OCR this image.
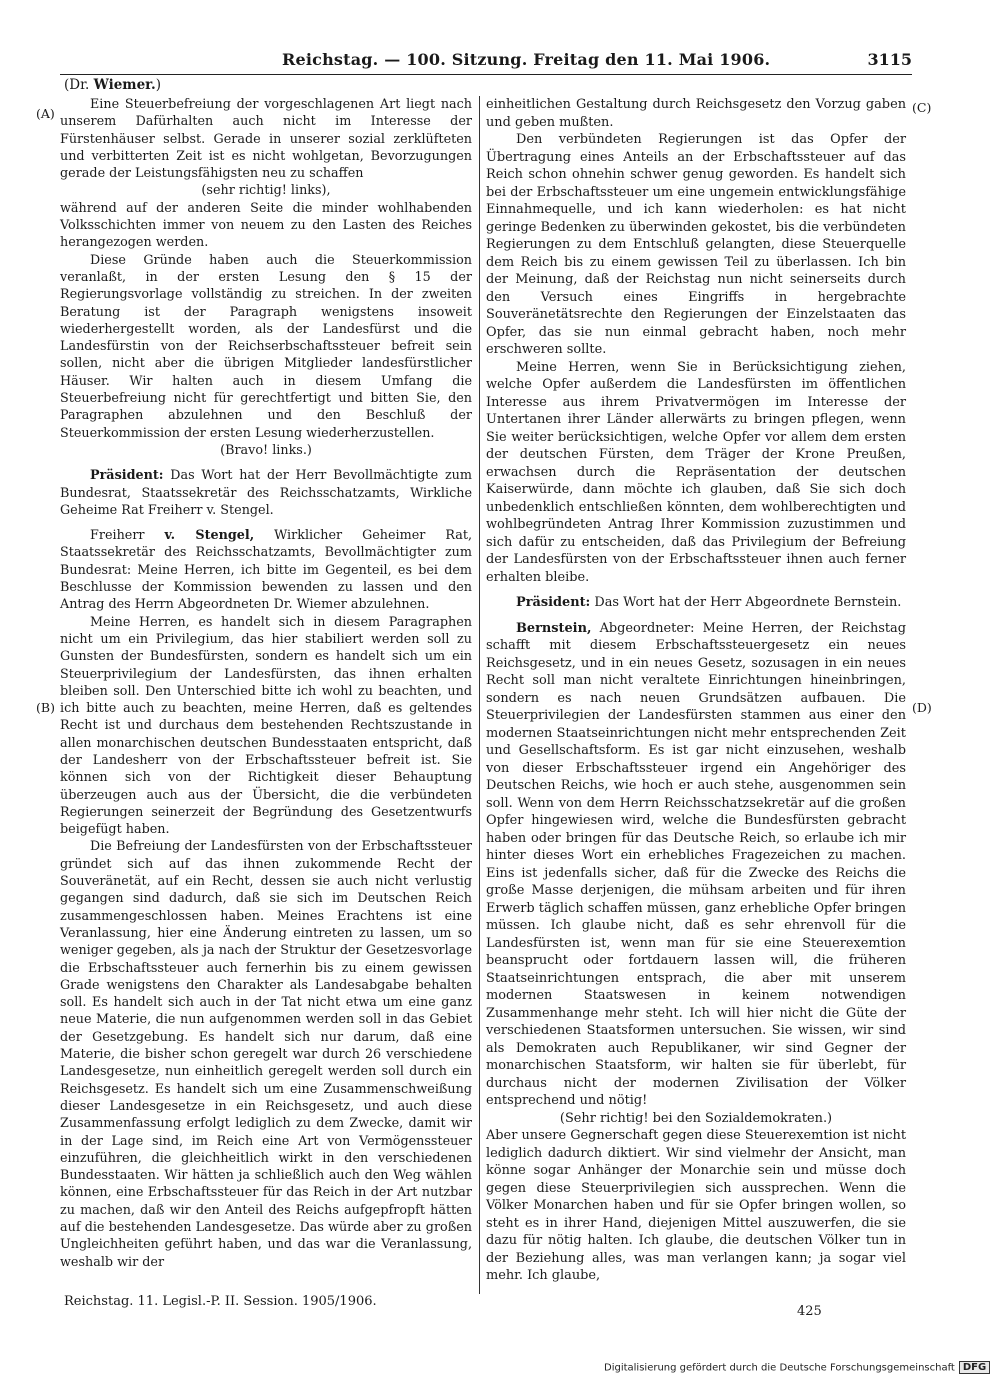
Reichstag. — 100. Sitzung. Freitag den 11. Mai 1906.	3115
(Dr. Wiemer.)
(A)
(B)
(C)
(D)

Eine Steuerbefreiung der vorgeschlagenen Art liegt nach unserem Dafürhalten auch nicht im Interesse der Fürstenhäuser selbst. Gerade in unserer sozial zerklüfteten und verbitterten Zeit ist es nicht wohlgetan, Bevorzugungen gerade der Leistungsfähigsten neu zu schaffen

(sehr richtig! links),

während auf der anderen Seite die minder wohlhabenden Volksschichten immer von neuem zu den Lasten des Reiches herangezogen werden.

Diese Gründe haben auch die Steuerkommission veranlaßt, in der ersten Lesung den § 15 der Regierungsvorlage vollständig zu streichen. In der zweiten Beratung ist der Paragraph wenigstens insoweit wiederhergestellt worden, als der Landesfürst und die Landesfürstin von der Reichserbschaftssteuer befreit sein sollen, nicht aber die übrigen Mitglieder landesfürstlicher Häuser. Wir halten auch in diesem Umfang die Steuerbefreiung nicht für gerechtfertigt und bitten Sie, den Paragraphen abzulehnen und den Beschluß der Steuerkommission der ersten Lesung wiederherzustellen.

(Bravo! links.)

Präsident: Das Wort hat der Herr Bevollmächtigte zum Bundesrat, Staatssekretär des Reichsschatzamts, Wirkliche Geheime Rat Freiherr v. Stengel.

Freiherr v. Stengel, Wirklicher Geheimer Rat, Staatssekretär des Reichsschatzamts, Bevollmächtigter zum Bundesrat: Meine Herren, ich bitte im Gegenteil, es bei dem Beschlusse der Kommission bewenden zu lassen und den Antrag des Herrn Abgeordneten Dr. Wiemer abzulehnen.

Meine Herren, es handelt sich in diesem Paragraphen nicht um ein Privilegium, das hier stabiliert werden soll zu Gunsten der Bundesfürsten, sondern es handelt sich um ein Steuerprivilegium der Landesfürsten, das ihnen erhalten bleiben soll. Den Unterschied bitte ich wohl zu beachten, und ich bitte auch zu beachten, meine Herren, daß es geltendes Recht ist und durchaus dem bestehenden Rechtszustande in allen monarchischen deutschen Bundesstaaten entspricht, daß der Landesherr von der Erbschaftssteuer befreit ist. Sie können sich von der Richtigkeit dieser Behauptung überzeugen auch aus der Übersicht, die die verbündeten Regierungen seinerzeit der Begründung des Gesetzentwurfs beigefügt haben.

Die Befreiung der Landesfürsten von der Erbschaftssteuer gründet sich auf das ihnen zukommende Recht der Souveränetät, auf ein Recht, dessen sie auch nicht verlustig gegangen sind dadurch, daß sie sich im Deutschen Reich zusammengeschlossen haben. Meines Erachtens ist eine Veranlassung, hier eine Änderung eintreten zu lassen, um so weniger gegeben, als ja nach der Struktur der Gesetzesvorlage die Erbschaftssteuer auch fernerhin bis zu einem gewissen Grade wenigstens den Charakter als Landesabgabe behalten soll. Es handelt sich auch in der Tat nicht etwa um eine ganz neue Materie, die nun aufgenommen werden soll in das Gebiet der Gesetzgebung. Es handelt sich nur darum, daß eine Materie, die bisher schon geregelt war durch 26 verschiedene Landesgesetze, nun einheitlich geregelt werden soll durch ein Reichsgesetz. Es handelt sich um eine Zusammenschweißung dieser Landesgesetze in ein Reichsgesetz, und auch diese Zusammenfassung erfolgt lediglich zu dem Zwecke, damit wir in der Lage sind, im Reich eine Art von Vermögenssteuer einzuführen, die gleichheitlich wirkt in den verschiedenen Bundesstaaten. Wir hätten ja schließlich auch den Weg wählen können, eine Erbschaftssteuer für das Reich in der Art nutzbar zu machen, daß wir den Anteil des Reichs aufgepfropft hätten auf die bestehenden Landesgesetze. Das würde aber zu großen Ungleichheiten geführt haben, und das war die Veranlassung, weshalb wir der

einheitlichen Gestaltung durch Reichsgesetz den Vorzug gaben und geben mußten.

Den verbündeten Regierungen ist das Opfer der Übertragung eines Anteils an der Erbschaftssteuer auf das Reich schon ohnehin schwer genug geworden. Es handelt sich bei der Erbschaftssteuer um eine ungemein entwicklungsfähige Einnahmequelle, und ich kann wiederholen: es hat nicht geringe Bedenken zu überwinden gekostet, bis die verbündeten Regierungen zu dem Entschluß gelangten, diese Steuerquelle dem Reich bis zu einem gewissen Teil zu überlassen. Ich bin der Meinung, daß der Reichstag nun nicht seinerseits durch den Versuch eines Eingriffs in hergebrachte Souveränetätsrechte den Regierungen der Einzelstaaten das Opfer, das sie nun einmal gebracht haben, noch mehr erschweren sollte.

Meine Herren, wenn Sie in Berücksichtigung ziehen, welche Opfer außerdem die Landesfürsten im öffentlichen Interesse aus ihrem Privatvermögen im Interesse der Untertanen ihrer Länder allerwärts zu bringen pflegen, wenn Sie weiter berücksichtigen, welche Opfer vor allem dem ersten der deutschen Fürsten, dem Träger der Krone Preußen, erwachsen durch die Repräsentation der deutschen Kaiserwürde, dann möchte ich glauben, daß Sie sich doch unbedenklich entschließen könnten, dem wohlberechtigten und wohlbegründeten Antrag Ihrer Kommission zuzustimmen und sich dafür zu entscheiden, daß das Privilegium der Befreiung der Landesfürsten von der Erbschaftssteuer ihnen auch ferner erhalten bleibe.

Präsident: Das Wort hat der Herr Abgeordnete Bernstein.

Bernstein, Abgeordneter: Meine Herren, der Reichstag schafft mit diesem Erbschaftssteuergesetz ein neues Reichsgesetz, und in ein neues Gesetz, sozusagen in ein neues Recht soll man nicht veraltete Einrichtungen hineinbringen, sondern es nach neuen Grundsätzen aufbauen. Die Steuerprivilegien der Landesfürsten stammen aus einer den modernen Staatseinrichtungen nicht mehr entsprechenden Zeit und Gesellschaftsform. Es ist gar nicht einzusehen, weshalb von dieser Erbschaftssteuer irgend ein Angehöriger des Deutschen Reichs, wie hoch er auch stehe, ausgenommen sein soll. Wenn von dem Herrn Reichsschatzsekretär auf die großen Opfer hingewiesen wird, welche die Bundesfürsten gebracht haben oder bringen für das Deutsche Reich, so erlaube ich mir hinter dieses Wort ein erhebliches Fragezeichen zu machen. Eins ist jedenfalls sicher, daß für die Zwecke des Reichs die große Masse derjenigen, die mühsam arbeiten und für ihren Erwerb täglich schaffen müssen, ganz erhebliche Opfer bringen müssen. Ich glaube nicht, daß es sehr ehrenvoll für die Landesfürsten ist, wenn man für sie eine Steuerexemtion beansprucht oder fortdauern lassen will, die früheren Staatseinrichtungen entsprach, die aber mit unserem modernen Staatswesen in keinem notwendigen Zusammenhange mehr steht. Ich will hier nicht die Güte der verschiedenen Staatsformen untersuchen. Sie wissen, wir sind als Demokraten auch Republikaner, wir sind Gegner der monarchischen Staatsform, wir halten sie für überlebt, für durchaus nicht der modernen Zivilisation der Völker entsprechend und nötig!

(Sehr richtig! bei den Sozialdemokraten.)

Aber unsere Gegnerschaft gegen diese Steuerexemtion ist nicht lediglich dadurch diktiert. Wir sind vielmehr der Ansicht, man könne sogar Anhänger der Monarchie sein und müsse doch gegen diese Steuerprivilegien sich aussprechen. Wenn die Völker Monarchen haben und für sie Opfer bringen wollen, so steht es in ihrer Hand, diejenigen Mittel auszuwerfen, die sie dazu für nötig halten. Ich glaube, die deutschen Völker tun in der Beziehung alles, was man verlangen kann; ja sogar viel mehr. Ich glaube,

Reichstag. 11. Legisl.-P. II. Session. 1905/1906.
425
Digitalisierung gefördert durch die Deutsche Forschungsgemeinschaft DFG
